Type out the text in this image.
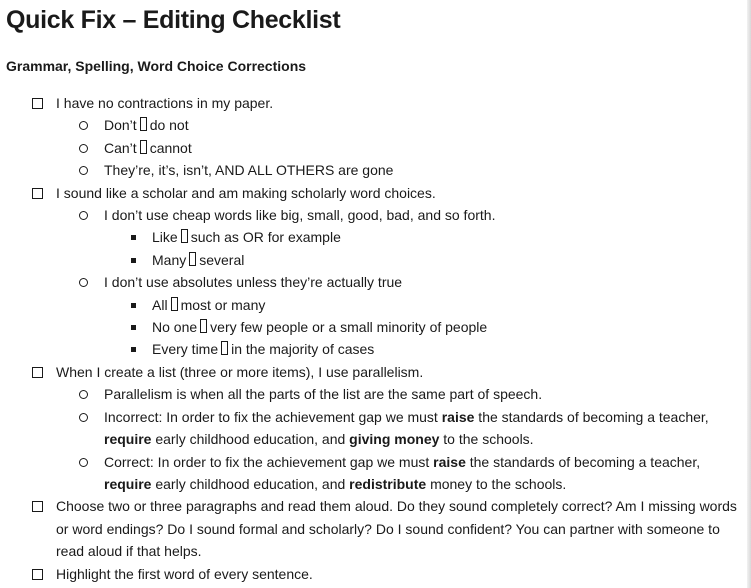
Quick Fix – Editing Checklist
Grammar, Spelling, Word Choice Corrections
I have no contractions in my paper.
Don’t do not
Can’t cannot
They’re, it’s, isn’t, AND ALL OTHERS are gone
I sound like a scholar and am making scholarly word choices.
I don’t use cheap words like big, small, good, bad, and so forth.
Like such as OR for example
Many several
I don’t use absolutes unless they’re actually true
All most or many
No one very few people or a small minority of people
Every time in the majority of cases
When I create a list (three or more items), I use parallelism.
Parallelism is when all the parts of the list are the same part of speech.
Incorrect: In order to fix the achievement gap we must raise the standards of becoming a teacher, require early childhood education, and giving money to the schools.
Correct: In order to fix the achievement gap we must raise the standards of becoming a teacher, require early childhood education, and redistribute money to the schools.
Choose two or three paragraphs and read them aloud. Do they sound completely correct? Am I missing words or word endings? Do I sound formal and scholarly? Do I sound confident? You can partner with someone to read aloud if that helps.
Highlight the first word of every sentence.
